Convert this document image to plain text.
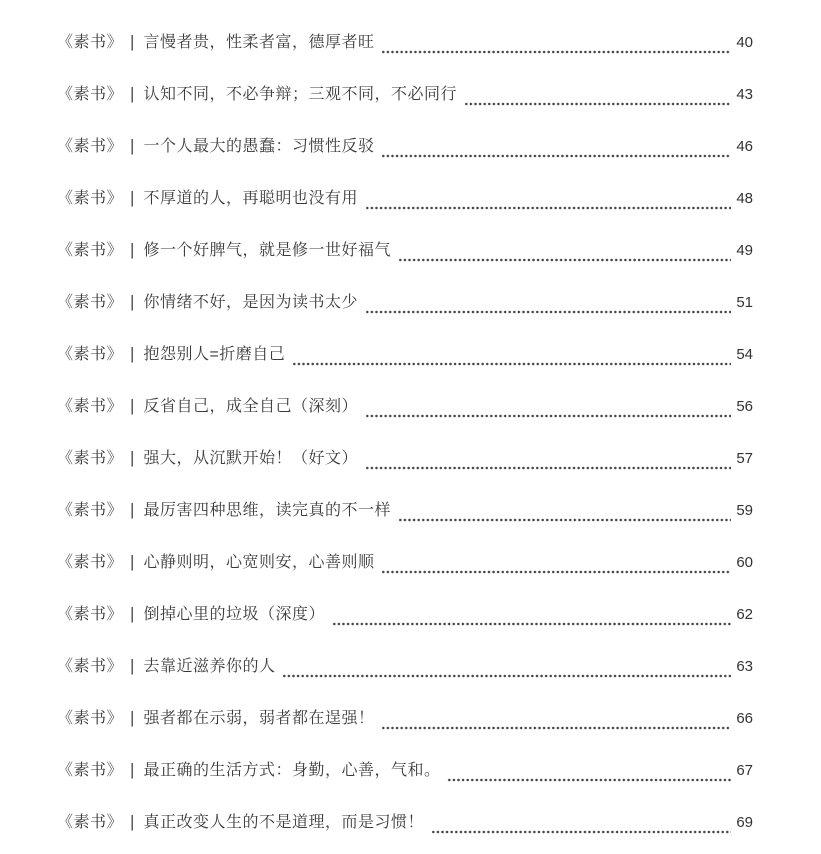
《素书》 | 言慢者贵，性柔者富，德厚者旺	40
《素书》 | 认知不同，不必争辩；三观不同，不必同行	43
《素书》 | 一个人最大的愚蠢：习惯性反驳	46
《素书》 | 不厚道的人，再聪明也没有用	48
《素书》 | 修一个好脾气，就是修一世好福气	49
《素书》 | 你情绪不好，是因为读书太少	51
《素书》 | 抱怨别人=折磨自己	54
《素书》 | 反省自己，成全自己（深刻）	56
《素书》 | 强大，从沉默开始！（好文）	57
《素书》 | 最厉害四种思维，读完真的不一样	59
《素书》 | 心静则明，心宽则安，心善则顺	60
《素书》 | 倒掉心里的垃圾（深度）	62
《素书》 | 去靠近滋养你的人	63
《素书》 | 强者都在示弱，弱者都在逞强！	66
《素书》 | 最正确的生活方式：身勤，心善，气和。	67
《素书》 | 真正改变人生的不是道理，而是习惯！	69
